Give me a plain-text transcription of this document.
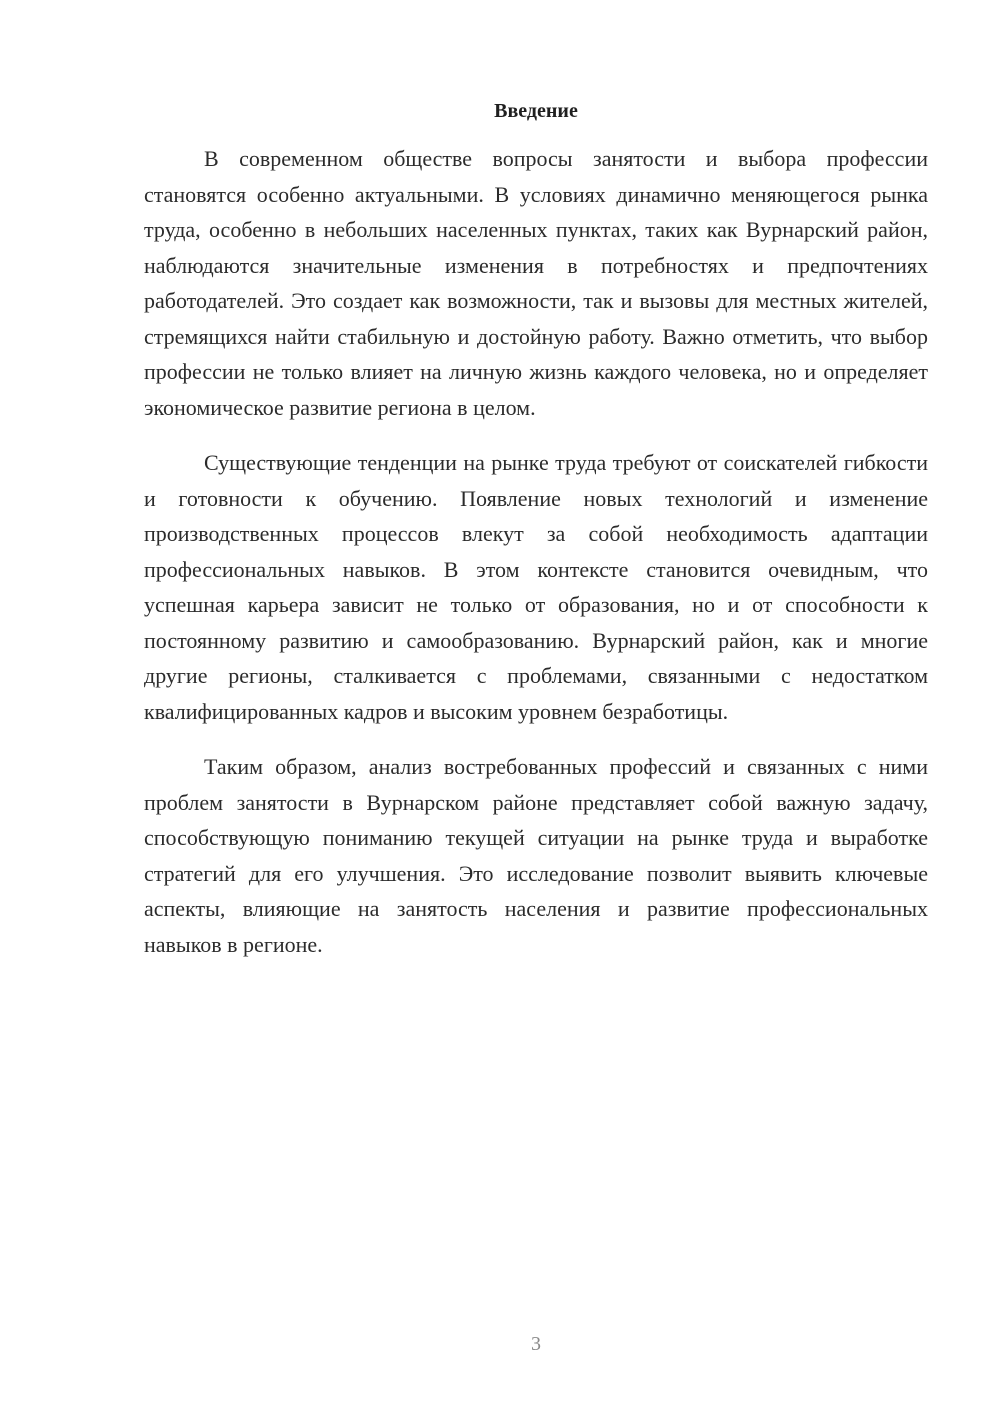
Введение

В современном обществе вопросы занятости и выбора профессии становятся особенно актуальными. В условиях динамично меняющегося рынка труда, особенно в небольших населенных пунктах, таких как Вурнарский район, наблюдаются значительные изменения в потребностях и предпочтениях работодателей. Это создает как возможности, так и вызовы для местных жителей, стремящихся найти стабильную и достойную работу. Важно отметить, что выбор профессии не только влияет на личную жизнь каждого человека, но и определяет экономическое развитие региона в целом.

Существующие тенденции на рынке труда требуют от соискателей гибкости и готовности к обучению. Появление новых технологий и изменение производственных процессов влекут за собой необходимость адаптации профессиональных навыков. В этом контексте становится очевидным, что успешная карьера зависит не только от образования, но и от способности к постоянному развитию и самообразованию. Вурнарский район, как и многие другие регионы, сталкивается с проблемами, связанными с недостатком квалифицированных кадров и высоким уровнем безработицы.

Таким образом, анализ востребованных профессий и связанных с ними проблем занятости в Вурнарском районе представляет собой важную задачу, способствующую пониманию текущей ситуации на рынке труда и выработке стратегий для его улучшения. Это исследование позволит выявить ключевые аспекты, влияющие на занятость населения и развитие профессиональных навыков в регионе.

3
